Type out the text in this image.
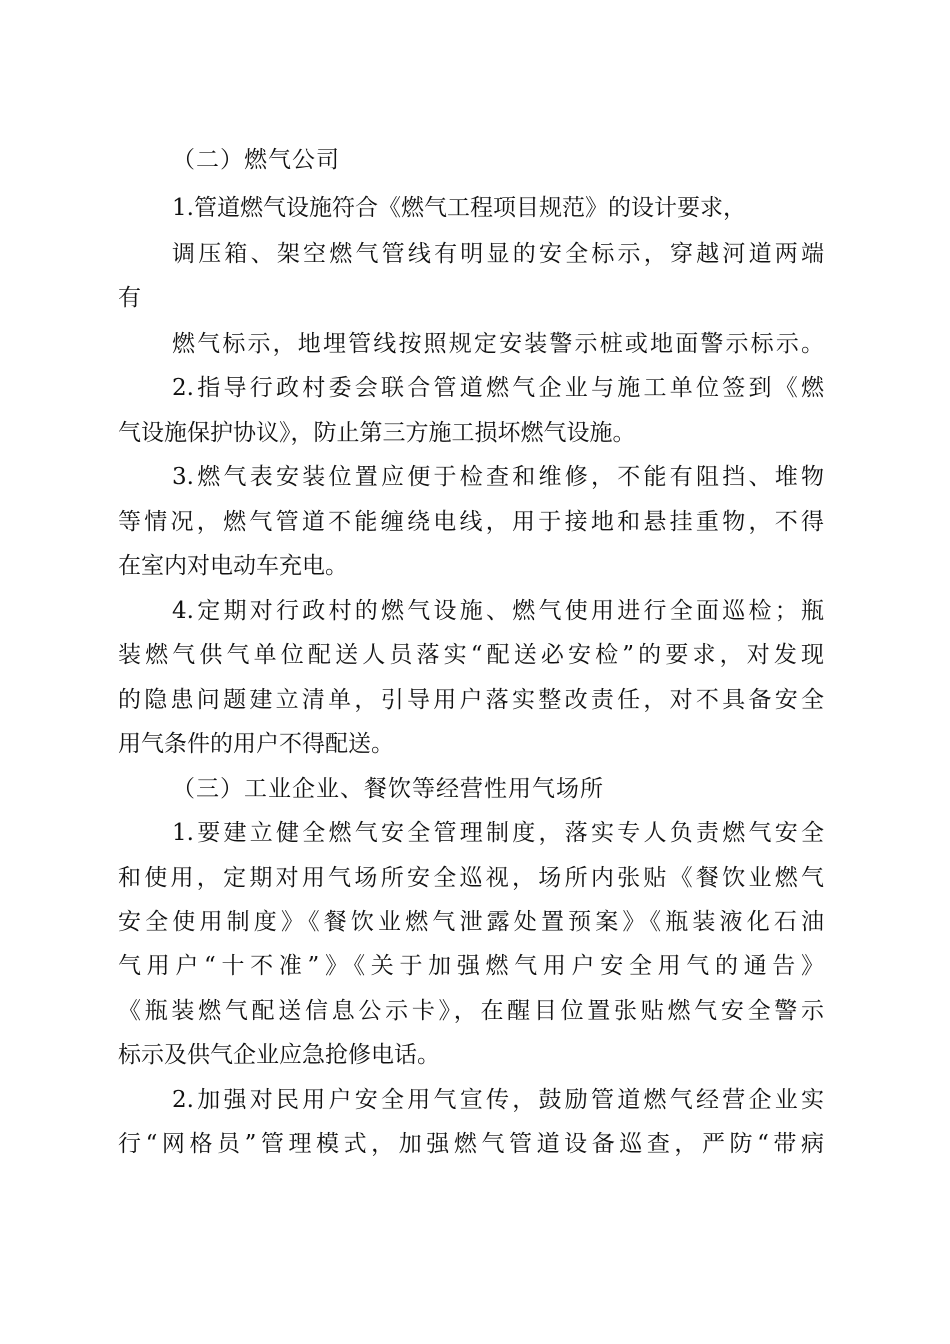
（二）燃气公司

1.管道燃气设施符合《燃气工程项目规范》的设计要求，

调压箱、架空燃气管线有明显的安全标示，穿越河道两端

有

燃气标示，地埋管线按照规定安装警示桩或地面警示标示。

2.指导行政村委会联合管道燃气企业与施工单位签到《燃

气设施保护协议》，防止第三方施工损坏燃气设施。

3.燃气表安装位置应便于检查和维修，不能有阻挡、堆物

等情况，燃气管道不能缠绕电线，用于接地和悬挂重物，不得

在室内对电动车充电。

4.定期对行政村的燃气设施、燃气使用进行全面巡检；瓶

装燃气供气单位配送人员落实“配送必安检”的要求，对发现

的隐患问题建立清单，引导用户落实整改责任，对不具备安全

用气条件的用户不得配送。

（三）工业企业、餐饮等经营性用气场所

1.要建立健全燃气安全管理制度，落实专人负责燃气安全

和使用，定期对用气场所安全巡视，场所内张贴《餐饮业燃气

安全使用制度》《餐饮业燃气泄露处置预案》《瓶装液化石油

气用户“十不准”》《关于加强燃气用户安全用气的通告》

《瓶装燃气配送信息公示卡》，在醒目位置张贴燃气安全警示

标示及供气企业应急抢修电话。

2.加强对民用户安全用气宣传，鼓励管道燃气经营企业实

行“网格员”管理模式，加强燃气管道设备巡查，严防“带病
